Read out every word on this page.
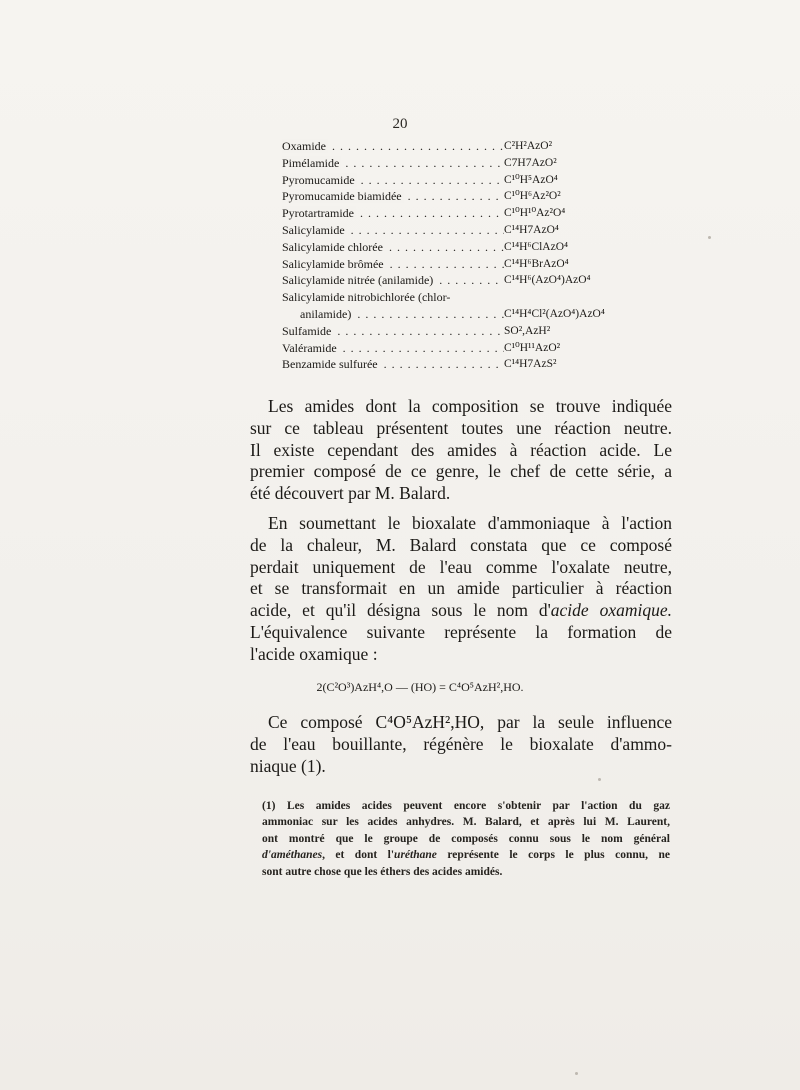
20
Oxamide . . .	C²H²AzO²
Pimélamide . . .	C7H7AzO²
Pyromucamide . . .	C¹⁰H⁵AzO⁴
Pyromucamide biamidée . . .	C¹⁰H⁶Az²O²
Pyrotartramide . . .	C¹⁰H¹⁰Az²O⁴
Salicylamide . . .	C¹⁴H7AzO⁴
Salicylamide chlorée . . .	C¹⁴H⁶ClAzO⁴
Salicylamide brômée . . .	C¹⁴H⁶BrAzO⁴
Salicylamide nitrée (anilamide) . . .	C¹⁴H⁶(AzO⁴)AzO⁴
Salicylamide nitrobichlorée (chlor-
anilamide) . . .	C¹⁴H⁴Cl²(AzO⁴)AzO⁴
Sulfamide . . .	SO²,AzH²
Valéramide . . .	C¹⁰H¹¹AzO²
Benzamide sulfurée . . .	C¹⁴H7AzS²
Les amides dont la composition se trouve indiquée
sur ce tableau présentent toutes une réaction neutre.
Il existe cependant des amides à réaction acide. Le
premier composé de ce genre, le chef de cette série, a
été découvert par M. Balard.
En soumettant le bioxalate d'ammoniaque à l'action
de la chaleur, M. Balard constata que ce composé
perdait uniquement de l'eau comme l'oxalate neutre,
et se transformait en un amide particulier à réaction
acide, et qu'il désigna sous le nom d'acide oxamique.
L'équivalence suivante représente la formation de
l'acide oxamique :
2(C²O³)AzH⁴,O — (HO) = C⁴O⁵AzH²,HO.
Ce composé C⁴O⁵AzH²,HO, par la seule influence
de l'eau bouillante, régénère le bioxalate d'ammo-
niaque (1).
(1) Les amides acides peuvent encore s'obtenir par l'action du gaz
ammoniac sur les acides anhydres. M. Balard, et après lui M. Laurent,
ont montré que le groupe de composés connu sous le nom général
d'améthanes, et dont l'uréthane représente le corps le plus connu, ne
sont autre chose que les éthers des acides amidés.
